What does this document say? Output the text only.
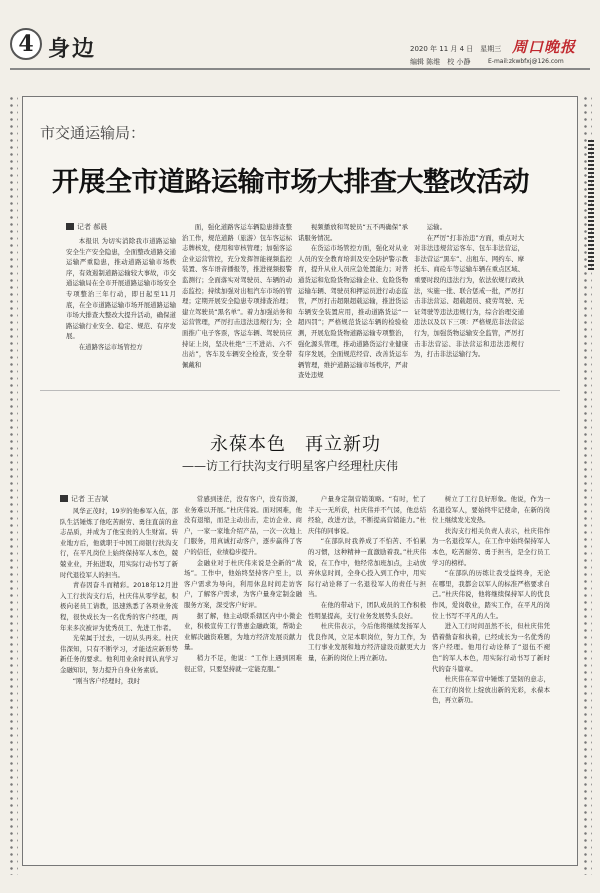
4 身边	2020 年 11 月 4 日　星期三
编辑 陈维　校 小静
周口晚报
E-mail:zkwbfxj@126.com
市交通运输局：
开展全市道路运输市场大排查大整改活动
记者 郝晨

本报讯 为切实消除我市道路运输安全生产安全隐患，全面整改道路交通运输严重隐患，推动道路运输市场秩序，有效遏制道路运输较大事故，市交通运输局在全市开展道路运输市场安全专项整治三年行动，即日起至11月底，在全市道路运输市场开展道路运输市场大排查大整改大提升活动，确保道路运输行业安全、稳定、规范、有序发展。

在道路客运市场管控方

面，强化道路客运车辆隐患排查整治工作，规范道路（旅游）包车客运标志牌核发，使用和审核管理；加强客运企业运营管控，充分发挥智能视频监控装置、客车语音播报等，推进视频报警监测行；全面落实对驾驶员、车辆的动态监控；持续加强对出租汽车市场的管理；定期开展安全隐患专项排查治理；建立驾驶员“黑名单”。着力加强站务和运营管理，严厉打击违法违规行为；全面推广电子客票，客运车辆、驾驶员应持证上岗，坚决杜绝“三不进站、六不出站”，客车及车辆安全检查，安全带佩戴和

视频播放和驾驶员“五不两确保”承诺服务情况。

在货运市场管控方面，强化对从业人员的安全教育培训及安全防护警示教育，提升从业人员应急处置能力；对普通货运和危险货物运输企业、危险货物运输车辆、驾驶员和押运员进行动态监管，严厉打击超限超载运输，推进货运车辆安全装置应用，推动道路货运“一超四罚”；严格规范货运车辆的检验检测，开展危险货物道路运输专项整治，强化源头管理，推动道路货运行业健康有序发展，全面规范经营、改善货运车辆管理，维护道路运输市场秩序，严肃查处违规

运输。

在严厉“打非治违”方面，重点对大对非法违规营运客车、包车非法营运，非法营运“黑车”、出租车、网约车、摩托车、商砼车等运输车辆在重点区域、重要时段的违法行为，依法依规行政执法，实施一批、联合惩戒一批，严厉打击非法营运、超载超员、疲劳驾驶、无证驾驶等违法违规行为，综合治理交通违法以及以下三项：严格规范非法营运行为，加强货物运输安全监管，严厉打击非法营运、非法营运和违法违规行为，打击非法运输行为。

永葆本色　再立新功
——访工行扶沟支行明星客户经理杜庆伟
记者 王吉斌

风华正茂时，19岁的他参军入伍，部队生活锤炼了他吃苦耐劳、勇往直前的意志品质，并成为了他宝贵的人生财富。转业地方后，他就职于中国工商银行扶沟支行，在平凡岗位上始终保持军人本色，兢兢业业，开拓进取，用实际行动书写了新时代退役军人的担当。

青春因奋斗而精彩。2018年12月进入工行扶沟支行后，杜庆伟从零学起，积极向老员工请教，迅速熟悉了各项业务流程，很快成长为一名优秀的客户经理，两年来多次被评为优秀员工、先进工作者。

光荣属于过去，一切从头再来。杜庆伟深知，只有不断学习，才能适应新形势新任务的要求。他利用业余时间认真学习金融知识，努力提升自身业务素质。

“刚当客户经理时，我时

常感到迷茫，没有客户，没有资源，业务难以开展。”杜庆伟说。面对困难，他没有退缩，而是主动出击，走访企业、商户，一家一家地介绍产品，一次一次地上门服务，用真诚打动客户，逐步赢得了客户的信任，业绩稳步提升。

金融业对于杜庆伟来说是全新的“战场”。工作中，他始终坚持客户至上，以客户需求为导向，利用休息时间走访客户，了解客户需求，为客户量身定制金融服务方案，深受客户好评。

据了解，他主动联系辖区内中小微企业，积极宣传工行普惠金融政策，帮助企业解决融资难题，为地方经济发展贡献力量。

稍力不足，他说：“工作上遇到困难很正常，只要坚持就一定能克服。”

户量身定制营销策略。“有时，忙了半天一无所获，杜庆伟并不气馁，他总结经验，改进方法，不断提高营销能力。”杜庆伟的同事说。

“在部队时我养成了不怕苦、不怕累的习惯，这种精神一直激励着我。”杜庆伟说，在工作中，他经常加班加点，主动放弃休息时间，全身心投入到工作中，用实际行动诠释了一名退役军人的责任与担当。

在他的带动下，团队成员的工作积极性明显提高，支行业务发展势头良好。

杜庆伟表示，今后他将继续发扬军人优良作风，立足本职岗位，努力工作，为工行事业发展和地方经济建设贡献更大力量，在新的岗位上再立新功。

树立了工行良好形象。他说，作为一名退役军人，要始终牢记使命，在新的岗位上继续发光发热。

扶沟支行相关负责人表示，杜庆伟作为一名退役军人，在工作中始终保持军人本色，吃苦耐劳、勇于担当，是全行员工学习的榜样。

“在部队的历练让我受益终身，无论在哪里，我都会以军人的标准严格要求自己。”杜庆伟说，他将继续保持军人的优良作风，爱岗敬业，踏实工作，在平凡的岗位上书写不平凡的人生。

进入工行时间虽然不长，但杜庆伟凭借着勤奋和执着，已经成长为一名优秀的客户经理。他用行动诠释了“退伍不褪色”的军人本色，用实际行动书写了新时代的奋斗篇章。

杜庆伟在军营中锤炼了坚韧的意志，在工行的岗位上绽放出新的光彩，永葆本色，再立新功。
